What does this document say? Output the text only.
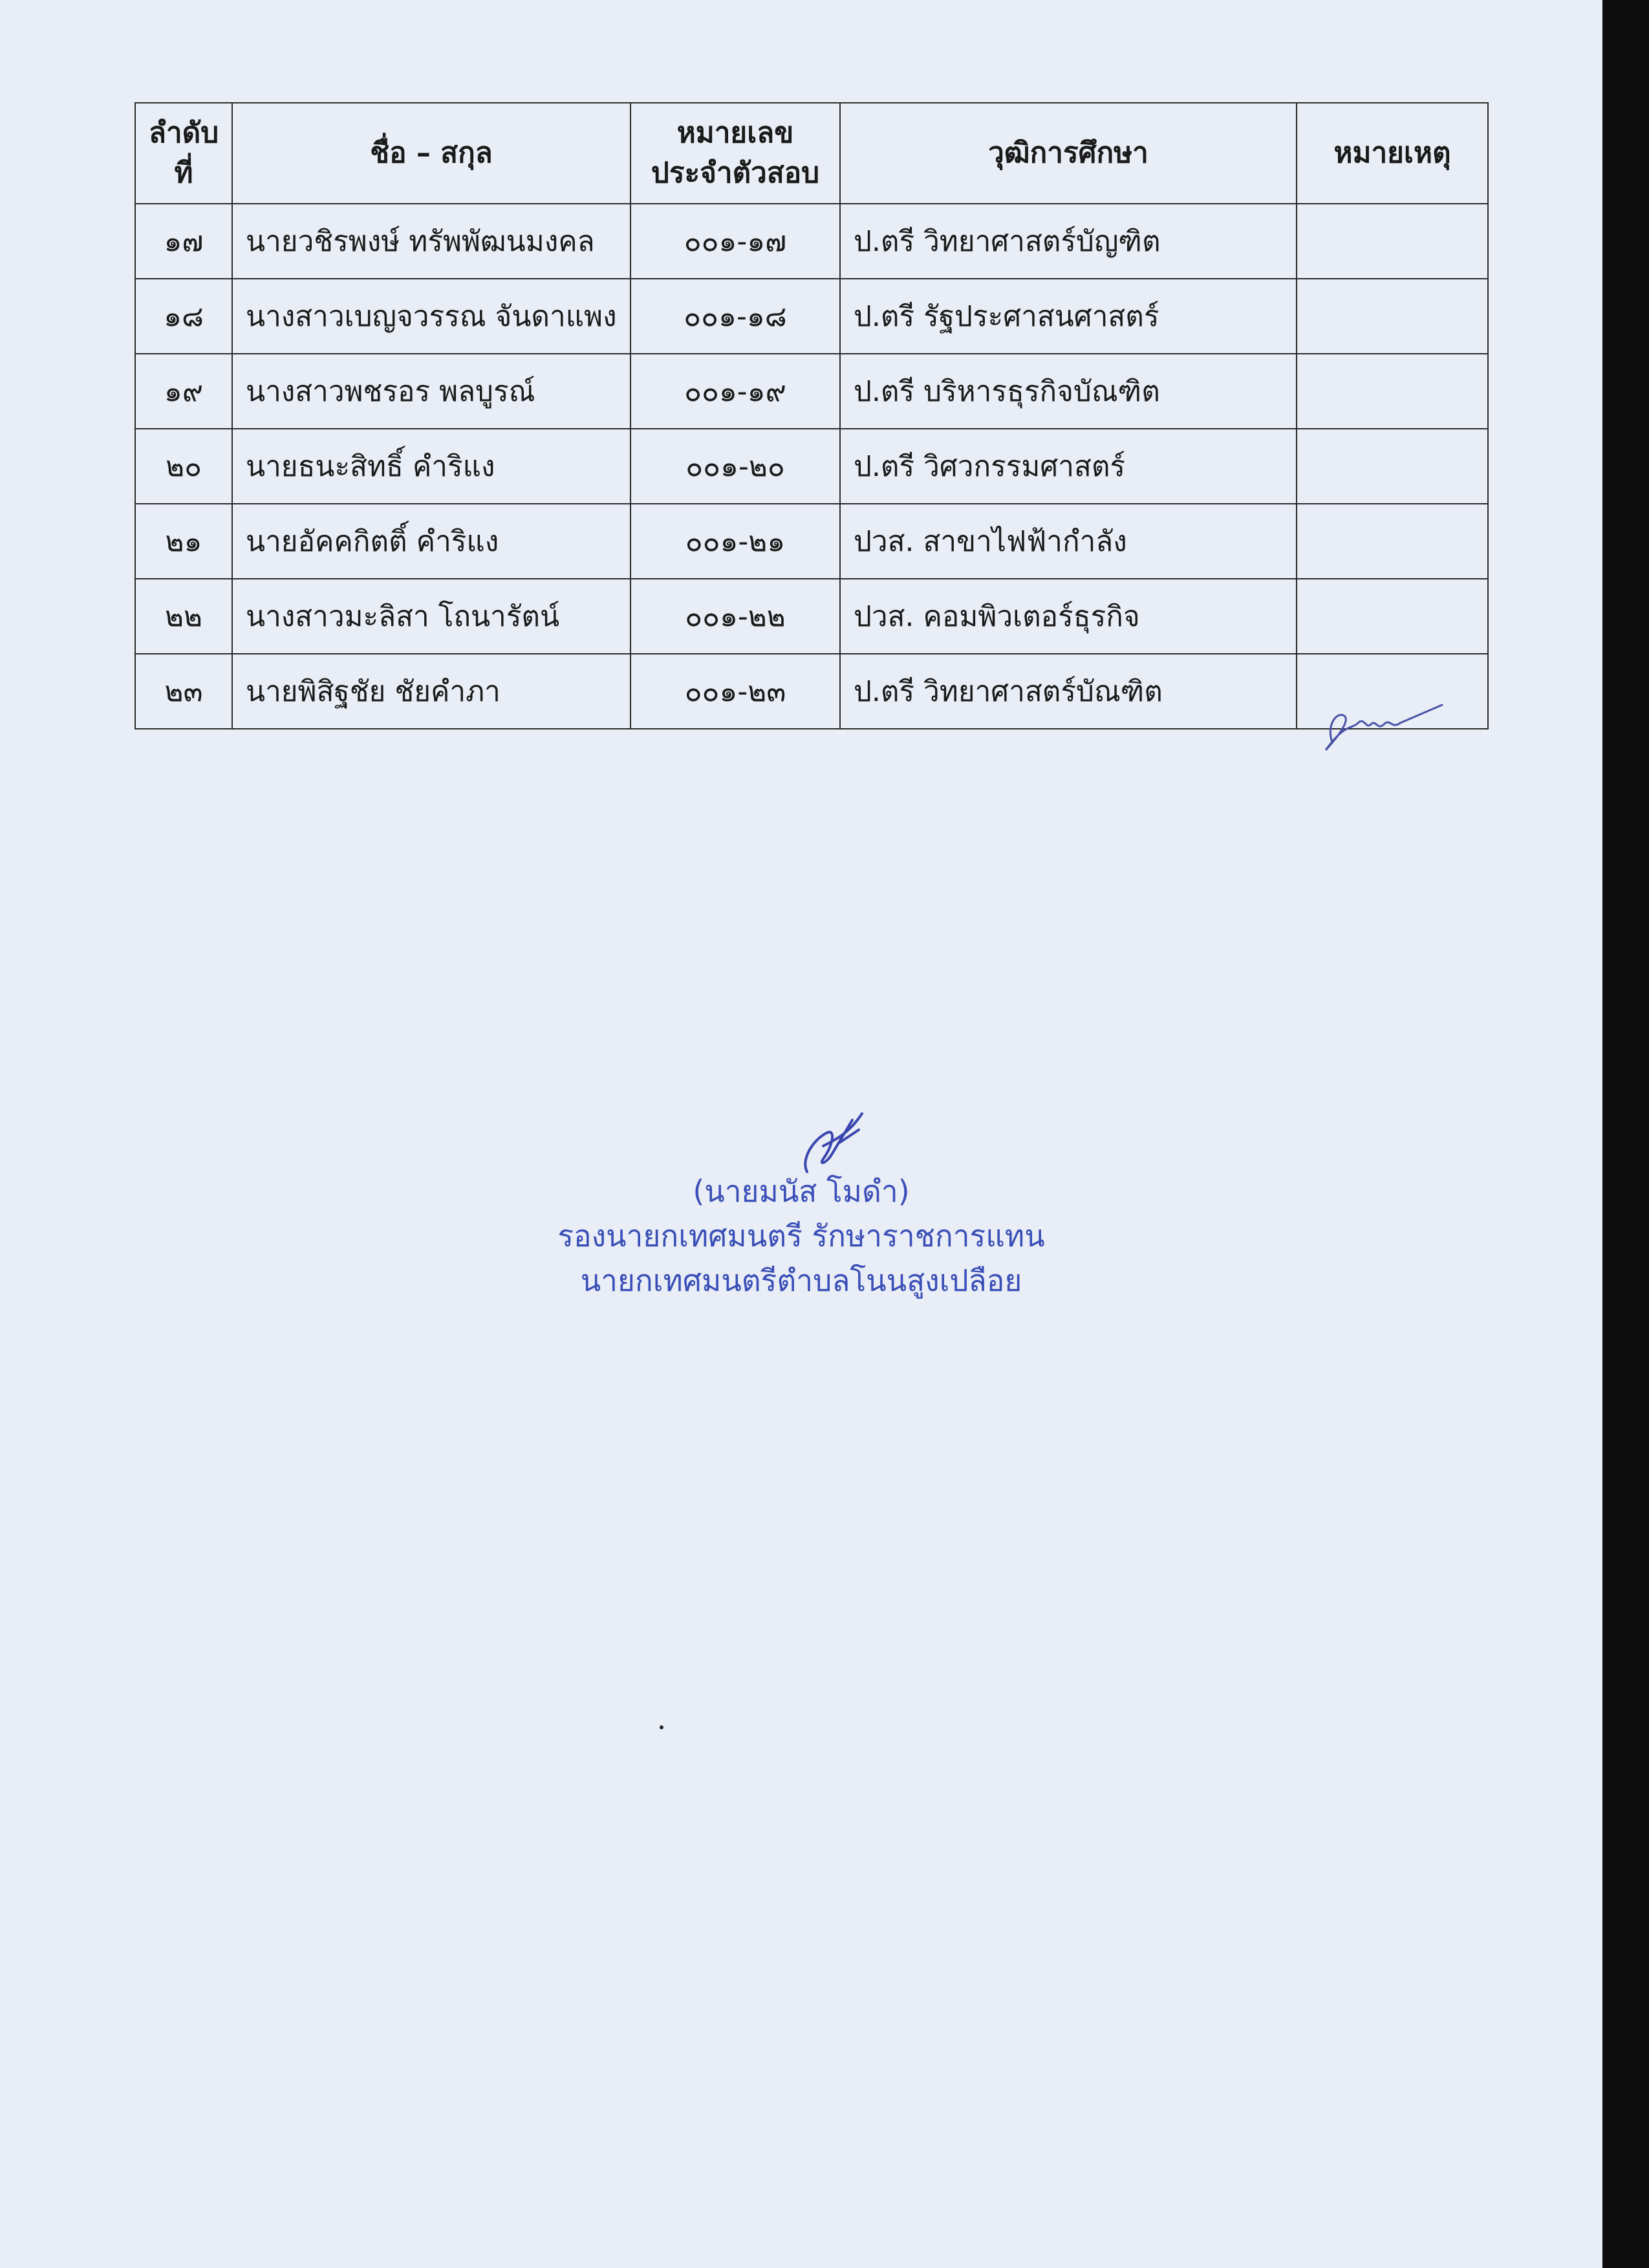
ลำดับ ที่	ชื่อ – สกุล	หมายเลข ประจำตัวสอบ	วุฒิการศึกษา	หมายเหตุ
๑๗	นายวชิรพงษ์ ทรัพพัฒนมงคล	๐๐๑-๑๗	ป.ตรี วิทยาศาสตร์บัญฑิต	
๑๘	นางสาวเบญจวรรณ จันดาแพง	๐๐๑-๑๘	ป.ตรี รัฐประศาสนศาสตร์	
๑๙	นางสาวพชรอร พลบูรณ์	๐๐๑-๑๙	ป.ตรี บริหารธุรกิจบัณฑิต	
๒๐	นายธนะสิทธิ์ คำริแง	๐๐๑-๒๐	ป.ตรี วิศวกรรมศาสตร์	
๒๑	นายอัคคกิตติ์ คำริแง	๐๐๑-๒๑	ปวส. สาขาไฟฟ้ากำลัง	
๒๒	นางสาวมะลิสา โถนารัตน์	๐๐๑-๒๒	ปวส. คอมพิวเตอร์ธุรกิจ	
๒๓	นายพิสิฐชัย ชัยคำภา	๐๐๑-๒๓	ป.ตรี วิทยาศาสตร์บัณฑิต	
(นายมนัส โมดำ)
รองนายกเทศมนตรี รักษาราชการแทน
นายกเทศมนตรีตำบลโนนสูงเปลือย
